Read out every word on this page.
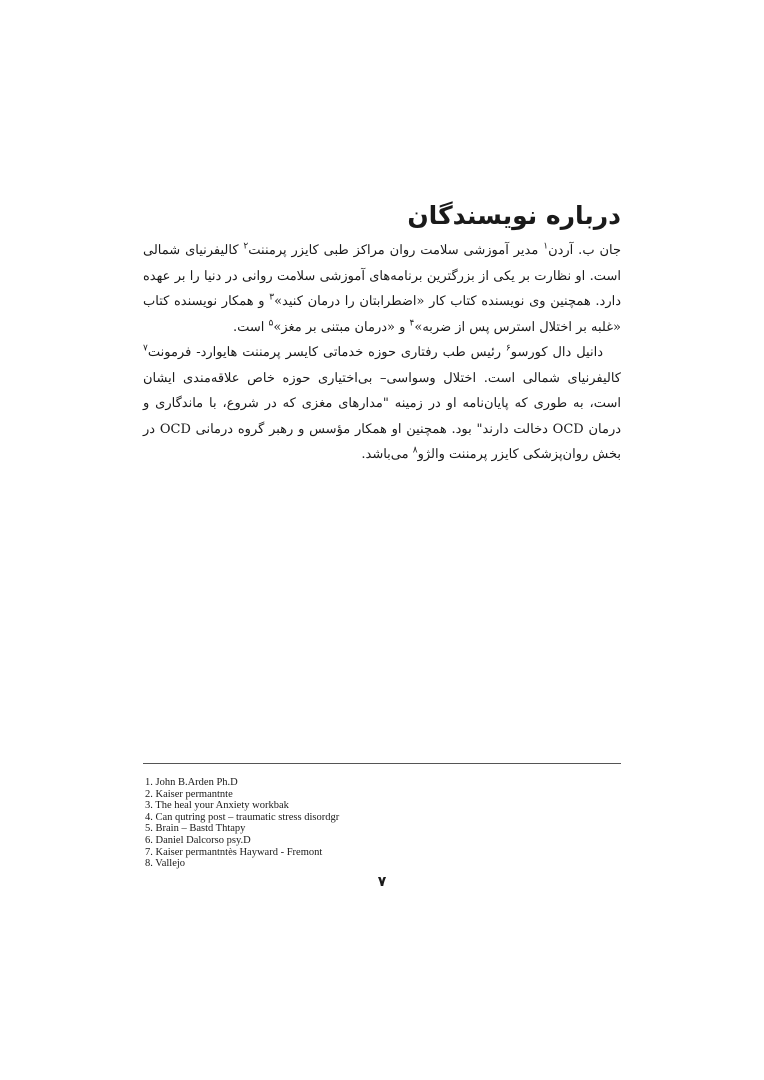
درباره نویسندگان

جان ب. آردن$^۱$ مدیر آموزشی سلامت روان مراکز طبی کایزر پرمننت$^۲$ کالیفرنیای شمالی است. او نظارت بر یکی از بزرگترین برنامه‌های آموزشی سلامت روانی در دنیا را بر عهده دارد. همچنین وی نویسنده کتاب کار «اضطرابتان را درمان کنید»$^۳$ و همکار نویسنده کتاب «غلبه بر اختلال استرس پس از ضربه»$^۴$ و «درمان مبتنی بر مغز»$^۵$ است.

دانیل دال کورسو$^۶$ رئیس طب رفتاری حوزه خدماتی کایسر پرمننت هایوارد- فرمونت$^۷$ کالیفرنیای شمالی است. اختلال وسواسی– بی‌اختیاری حوزه خاص علاقه‌مندی ایشان است، به طوری که پایان‌نامه او در زمینه "مدارهای مغزی که در شروع، با ماندگاری و درمان OCD دخالت دارند" بود. همچنین او همکار مؤسس و رهبر گروه درمانی OCD در بخش روان‌پزشکی کایزر پرمننت والژو$^۸$ می‌باشد.

1. John B.Arden Ph.D
2. Kaiser permantnte
3. The heal your Anxiety workbak
4. Can qutring post – traumatic stress disordgr
5. Brain – Bastd Thtapy
6. Daniel Dalcorso psy.D
7. Kaiser permantntès Hayward - Fremont
8. Vallejo
۷
